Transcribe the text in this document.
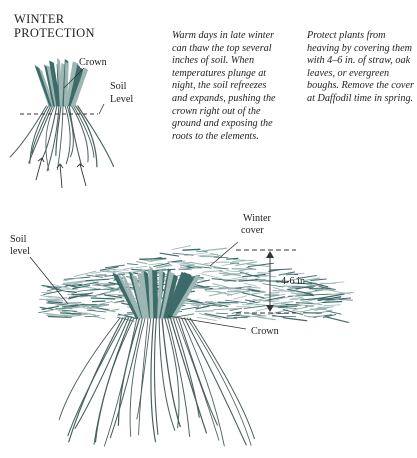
WINTER
PROTECTION	Warm days in late winter can thaw the top several inches of soil. When temperatures plunge at night, the soil refreezes and expands, pushing the crown right out of the ground and exposing the roots to the elements.
Protect plants from heaving by covering them with 4–6 in. of straw, oak leaves, or evergreen boughs. Remove the cover at Daffodil time in spring.
Crown
Soil
Level
Soil
level
Winter
cover
4-6 in
Crown
